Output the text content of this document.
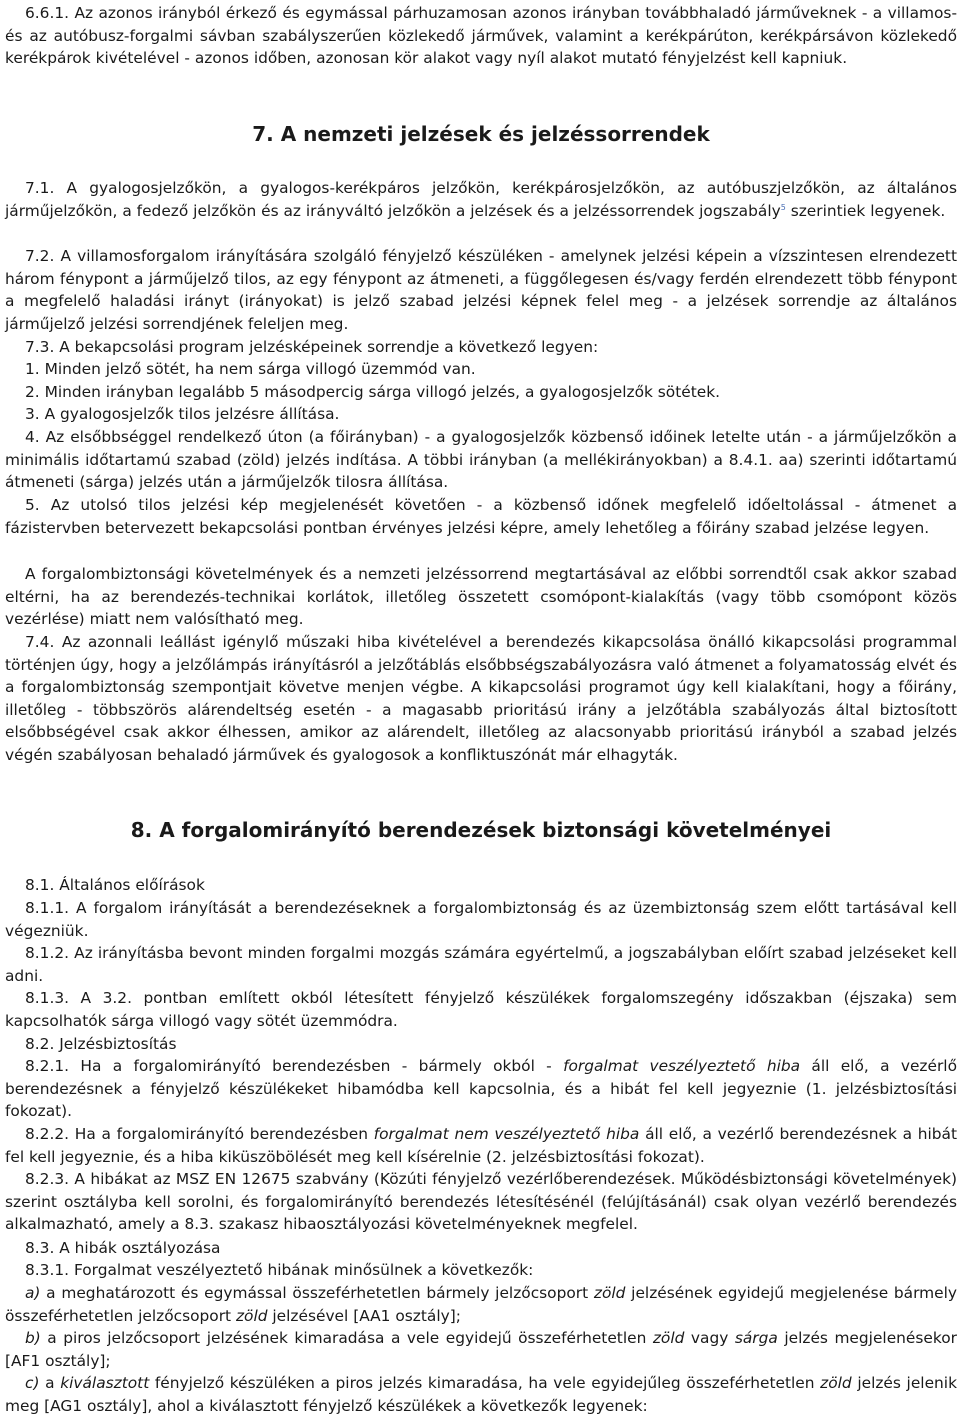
6.6.1. Az azonos irányból érkező és egymással párhuzamosan azonos irányban továbbhaladó járműveknek - a villamos- és az autóbusz-forgalmi sávban szabályszerűen közlekedő járművek, valamint a kerékpárúton, kerékpársávon közlekedő kerékpárok kivételével - azonos időben, azonosan kör alakot vagy nyíl alakot mutató fényjelzést kell kapniuk.

7. A nemzeti jelzések és jelzéssorrendek

7.1. A gyalogosjelzőkön, a gyalogos-kerékpáros jelzőkön, kerékpárosjelzőkön, az autóbuszjelzőkön, az általános járműjelzőkön, a fedező jelzőkön és az irányváltó jelzőkön a jelzések és a jelzéssorrendek jogszabály$^5$ szerintiek legyenek.

7.2. A villamosforgalom irányítására szolgáló fényjelző készüléken - amelynek jelzési képein a vízszintesen elrendezett három fénypont a járműjelző tilos, az egy fénypont az átmeneti, a függőlegesen és/vagy ferdén elrendezett több fénypont a megfelelő haladási irányt (irányokat) is jelző szabad jelzési képnek felel meg - a jelzések sorrendje az általános járműjelző jelzési sorrendjének feleljen meg.

7.3. A bekapcsolási program jelzésképeinek sorrendje a következő legyen:

1. Minden jelző sötét, ha nem sárga villogó üzemmód van.

2. Minden irányban legalább 5 másodpercig sárga villogó jelzés, a gyalogosjelzők sötétek.

3. A gyalogosjelzők tilos jelzésre állítása.

4. Az elsőbbséggel rendelkező úton (a főirányban) - a gyalogosjelzők közbenső időinek letelte után - a járműjelzőkön a minimális időtartamú szabad (zöld) jelzés indítása. A többi irányban (a mellékirányokban) a 8.4.1. aa) szerinti időtartamú átmeneti (sárga) jelzés után a járműjelzők tilosra állítása.

5. Az utolsó tilos jelzési kép megjelenését követően - a közbenső időnek megfelelő időeltolással - átmenet a fázistervben betervezett bekapcsolási pontban érvényes jelzési képre, amely lehetőleg a főirány szabad jelzése legyen.

A forgalombiztonsági követelmények és a nemzeti jelzéssorrend megtartásával az előbbi sorrendtől csak akkor szabad eltérni, ha az berendezés-technikai korlátok, illetőleg összetett csomópont-kialakítás (vagy több csomópont közös vezérlése) miatt nem valósítható meg.

7.4. Az azonnali leállást igénylő műszaki hiba kivételével a berendezés kikapcsolása önálló kikapcsolási programmal történjen úgy, hogy a jelzőlámpás irányításról a jelzőtáblás elsőbbségszabályozásra való átmenet a folyamatosság elvét és a forgalombiztonság szempontjait követve menjen végbe. A kikapcsolási programot úgy kell kialakítani, hogy a főirány, illetőleg - többszörös alárendeltség esetén - a magasabb prioritású irány a jelzőtábla szabályozás által biztosított elsőbbségével csak akkor élhessen, amikor az alárendelt, illetőleg az alacsonyabb prioritású irányból a szabad jelzés végén szabályosan behaladó járművek és gyalogosok a konfliktuszónát már elhagyták.

8. A forgalomirányító berendezések biztonsági követelményei

8.1. Általános előírások

8.1.1. A forgalom irányítását a berendezéseknek a forgalombiztonság és az üzembiztonság szem előtt tartásával kell végezniük.

8.1.2. Az irányításba bevont minden forgalmi mozgás számára egyértelmű, a jogszabályban előírt szabad jelzéseket kell adni.

8.1.3. A 3.2. pontban említett okból létesített fényjelző készülékek forgalomszegény időszakban (éjszaka) sem kapcsolhatók sárga villogó vagy sötét üzemmódra.

8.2. Jelzésbiztosítás

8.2.1. Ha a forgalomirányító berendezésben - bármely okból - forgalmat veszélyeztető hiba áll elő, a vezérlő berendezésnek a fényjelző készülékeket hibamódba kell kapcsolnia, és a hibát fel kell jegyeznie (1. jelzésbiztosítási fokozat).

8.2.2. Ha a forgalomirányító berendezésben forgalmat nem veszélyeztető hiba áll elő, a vezérlő berendezésnek a hibát fel kell jegyeznie, és a hiba kiküszöbölését meg kell kísérelnie (2. jelzésbiztosítási fokozat).

8.2.3. A hibákat az MSZ EN 12675 szabvány (Közúti fényjelző vezérlőberendezések. Működésbiztonsági követelmények) szerint osztályba kell sorolni, és forgalomirányító berendezés létesítésénél (felújításánál) csak olyan vezérlő berendezés alkalmazható, amely a 8.3. szakasz hibaosztályozási követelményeknek megfelel.

8.3. A hibák osztályozása

8.3.1. Forgalmat veszélyeztető hibának minősülnek a következők:

a) a meghatározott és egymással összeférhetetlen bármely jelzőcsoport zöld jelzésének egyidejű megjelenése bármely összeférhetetlen jelzőcsoport zöld jelzésével [AA1 osztály];

b) a piros jelzőcsoport jelzésének kimaradása a vele egyidejű összeférhetetlen zöld vagy sárga jelzés megjelenésekor [AF1 osztály];

c) a kiválasztott fényjelző készüléken a piros jelzés kimaradása, ha vele egyidejűleg összeférhetetlen zöld jelzés jelenik meg [AG1 osztály], ahol a kiválasztott fényjelző készülékek a következők legyenek:
